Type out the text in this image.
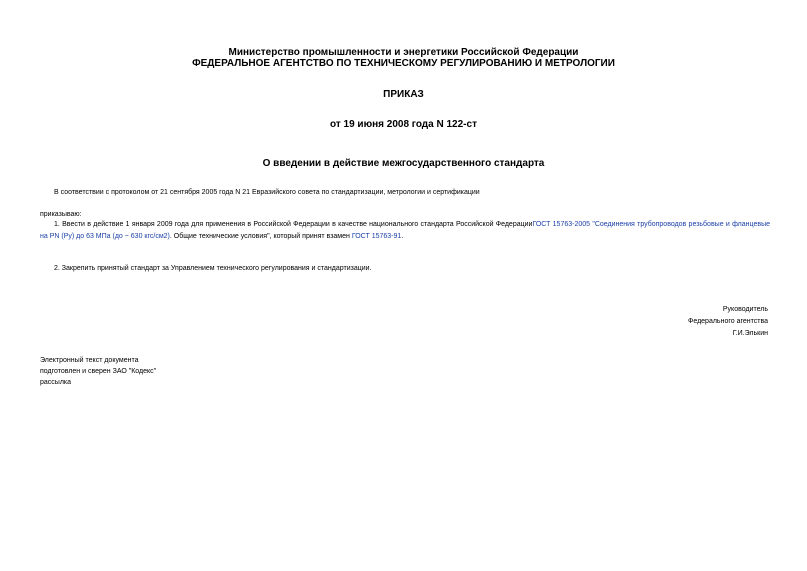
Министерство промышленности и энергетики Российской Федерации
ФЕДЕРАЛЬНОЕ АГЕНТСТВО ПО ТЕХНИЧЕСКОМУ РЕГУЛИРОВАНИЮ И МЕТРОЛОГИИ
ПРИКАЗ
от 19 июня 2008 года N 122-ст
О введении в действие межгосударственного стандарта
В соответствии с протоколом от 21 сентября 2005 года N 21 Евразийского совета по стандартизации, метрологии и сертификации
приказываю:
1. Ввести в действие 1 января 2009 года для применения в Российской Федерации в качестве национального стандарта Российской ФедерацииГОСТ 15763-2005 "Соединения трубопроводов резьбовые и фланцевые на PN (Py) до 63 МПа (до ~ 630 кгс/см2). Общие технические условия", который принят взамен ГОСТ 15763-91.
2. Закрепить принятый стандарт за Управлением технического регулирования и стандартизации.
Руководитель
Федерального агентства
Г.И.Элькин
Электронный текст документа
подготовлен и сверен ЗАО "Кодекс"
рассылка
